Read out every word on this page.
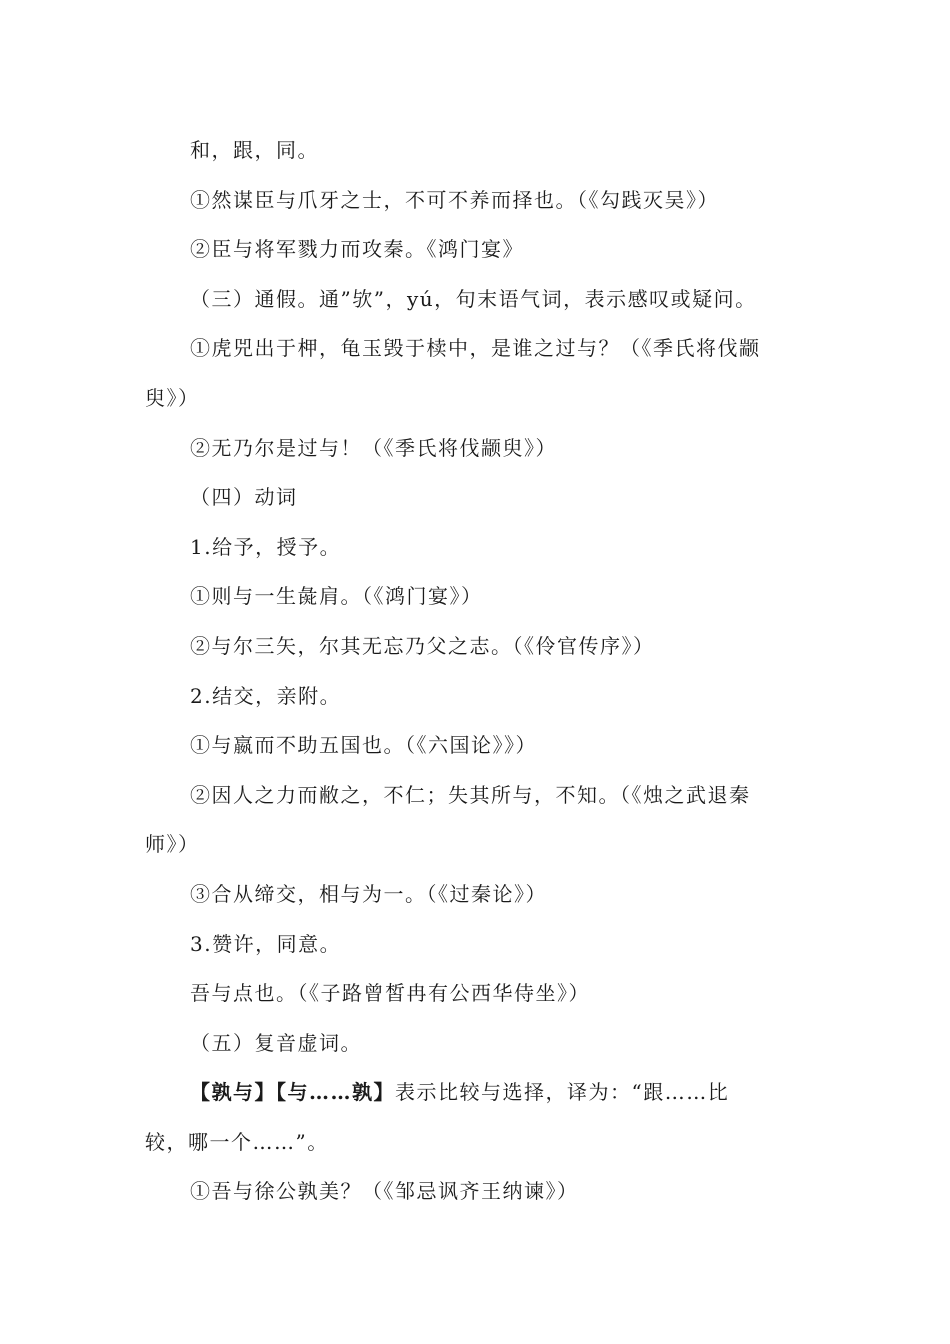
和，跟，同。
①然谋臣与爪牙之士，不可不养而择也。（《勾践灭吴》）
②臣与将军戮力而攻秦。《鸿门宴》
（三）通假。通”欤”，yú，句末语气词，表示感叹或疑问。
①虎兕出于柙，龟玉毁于椟中，是谁之过与？（《季氏将伐颛
臾》）
②无乃尔是过与！（《季氏将伐颛臾》）
（四）动词
1.给予，授予。
①则与一生彘肩。（《鸿门宴》）
②与尔三矢，尔其无忘乃父之志。（《伶官传序》）
2.结交，亲附。
①与嬴而不助五国也。（《六国论》》）
②因人之力而敝之，不仁；失其所与，不知。（《烛之武退秦
师》）
③合从缔交，相与为一。（《过秦论》）
3.赞许，同意。
吾与点也。（《子路曾皙冉有公西华侍坐》）
（五）复音虚词。
【孰与】【与……孰】表示比较与选择，译为：“跟……比
较，哪一个……”。
①吾与徐公孰美？（《邹忌讽齐王纳谏》）
